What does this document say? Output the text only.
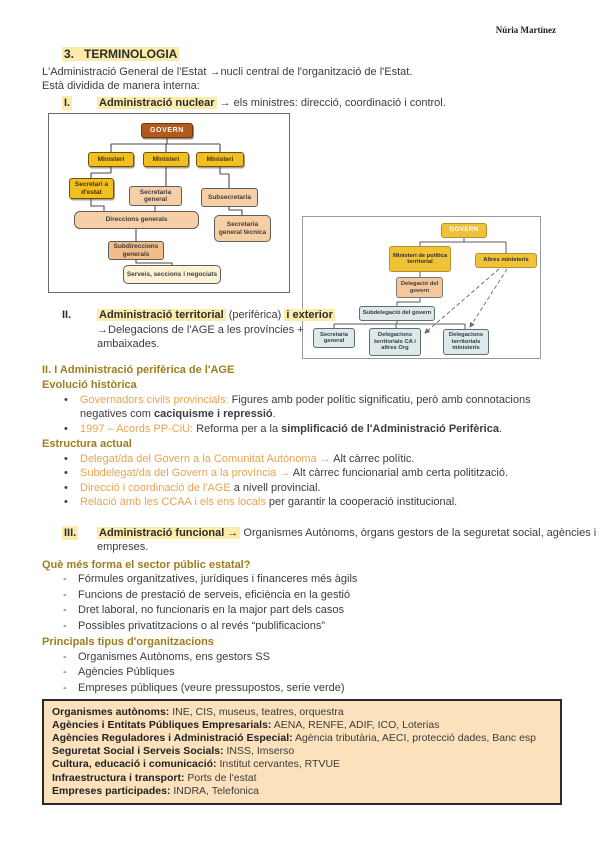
Núria Martínez
GOVERN
Ministeri de política territorial	Altres ministeris
Delegació del govern
Subdelegació del govern
Secretaria general
Delegacions territorials CA i altres Org
Delegacions territorials ministeris
3. TERMINOLOGIA
L'Administració General de l'Estat →nucli central de l'organització de l'Estat.
Està dividida de manera interna:
I.	Administració nuclear → els ministres: direcció, coordinació i control.
GOVERN
Ministeri	Ministeri	Ministeri
Secretari a d'estat	Secretaria general	Subsecretaria
Direccions generals
Secretaria general tècnica
Subdireccions generals
Serveis, seccions i negociats
II.	Administració territorial (perifèrica) i exterior →Delegacions de l'AGE a les províncies + ambaixades.
II. I Administració perifèrica de l'AGE
Evolució històrica
• Governadors civils provincials: Figures amb poder polític significatiu, però amb connotacions negatives com caciquisme i repressió.
• 1997 – Acords PP-CiU: Reforma per a la simplificació de l'Administració Perifèrica.
Estructura actual
• Delegat/da del Govern a la Comunitat Autònoma → Alt càrrec polític.
• Subdelegat/da del Govern a la província → Alt càrrec funcionarial amb certa politització.
• Direcció i coordinació de l'AGE a nivell provincial.
• Relació amb les CCAA i els ens locals per garantir la cooperació institucional.
III. Administració funcional → Organismes Autònoms, òrgans gestors de la seguretat social, agències i empreses.
Què més forma el sector públic estatal?
- Fórmules organitzatives, jurídiques i financeres més àgils
- Funcions de prestació de serveis, eficiència en la gestió
- Dret laboral, no funcionaris en la major part dels casos
- Possibles privatitzacions o al revés “publificacions”
Principals tipus d'organitzacions
- Organismes Autònoms, ens gestors SS
- Agències Públiques
- Empreses públiques (veure pressupostos, serie verde)
Organismes autònoms: INE, CIS, museus, teatres, orquestra
Agències i Entitats Públiques Empresarials: AENA, RENFE, ADIF, ICO, Loterias
Agències Reguladores i Administració Especial: Agència tributària, AECI, protecció dades, Banc esp
Seguretat Social i Serveis Socials: INSS, Imserso
Cultura, educació i comunicació: Institut cervantes, RTVUE
Infraestructura i transport: Ports de l'estat
Empreses participades: INDRA, Telefonica
